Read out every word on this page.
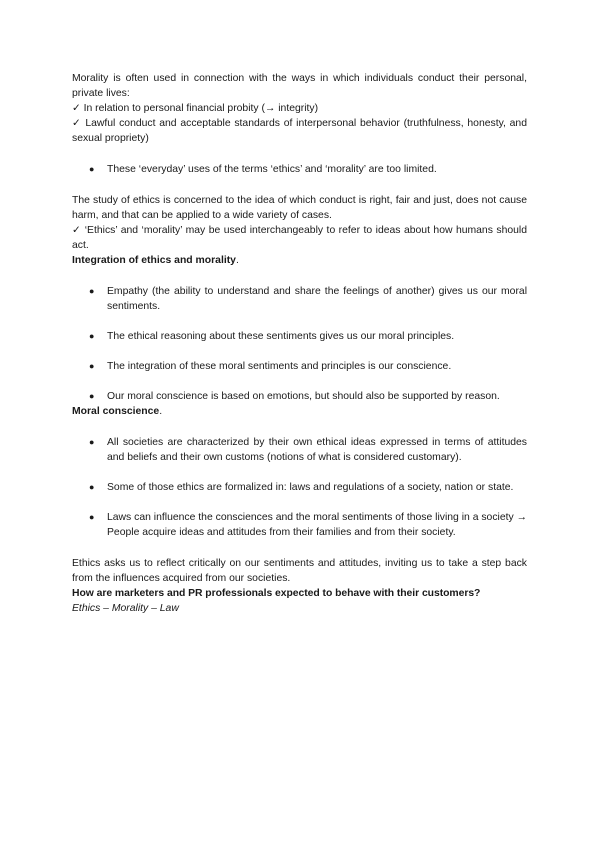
Morality is often used in connection with the ways in which individuals conduct their personal, private lives:

✓ In relation to personal financial probity (→ integrity)

✓ Lawful conduct and acceptable standards of interpersonal behavior (truthfulness, honesty, and sexual propriety)

● These ‘everyday’ uses of the terms ‘ethics’ and ‘morality’ are too limited.

The study of ethics is concerned to the idea of which conduct is right, fair and just, does not cause harm, and that can be applied to a wide variety of cases.

✓ ‘Ethics’ and ‘morality’ may be used interchangeably to refer to ideas about how humans should act.

Integration of ethics and morality.

● Empathy (the ability to understand and share the feelings of another) gives us our moral sentiments.
● The ethical reasoning about these sentiments gives us our moral principles.
● The integration of these moral sentiments and principles is our conscience.
● Our moral conscience is based on emotions, but should also be supported by reason.

Moral conscience.

● All societies are characterized by their own ethical ideas expressed in terms of attitudes and beliefs and their own customs (notions of what is considered customary).
● Some of those ethics are formalized in: laws and regulations of a society, nation or state.
● Laws can influence the consciences and the moral sentiments of those living in a society → People acquire ideas and attitudes from their families and from their society.

Ethics asks us to reflect critically on our sentiments and attitudes, inviting us to take a step back from the influences acquired from our societies.

How are marketers and PR professionals expected to behave with their customers?

Ethics – Morality – Law
